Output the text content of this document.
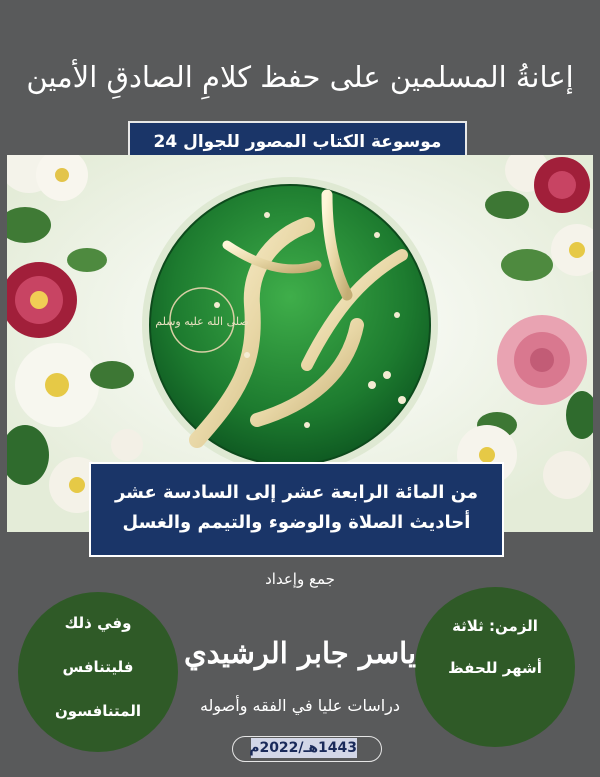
إعانةُ المسلمين على حفظ كلامِ الصادقِ الأمين
موسوعة الكتاب المصور للجوال 24
صلى الله عليه وسلم
من المائة الرابعة عشر إلى السادسة عشر
أحاديث الصلاة والوضوء والتيمم والغسل
جمع وإعداد
وفي ذلك
فليتنافس
المتنافسون
الزمن: ثلاثة
أشهر للحفظ
ياسر جابر الرشيدي
دراسات عليا في الفقه وأصوله
1443هـ/2022م
